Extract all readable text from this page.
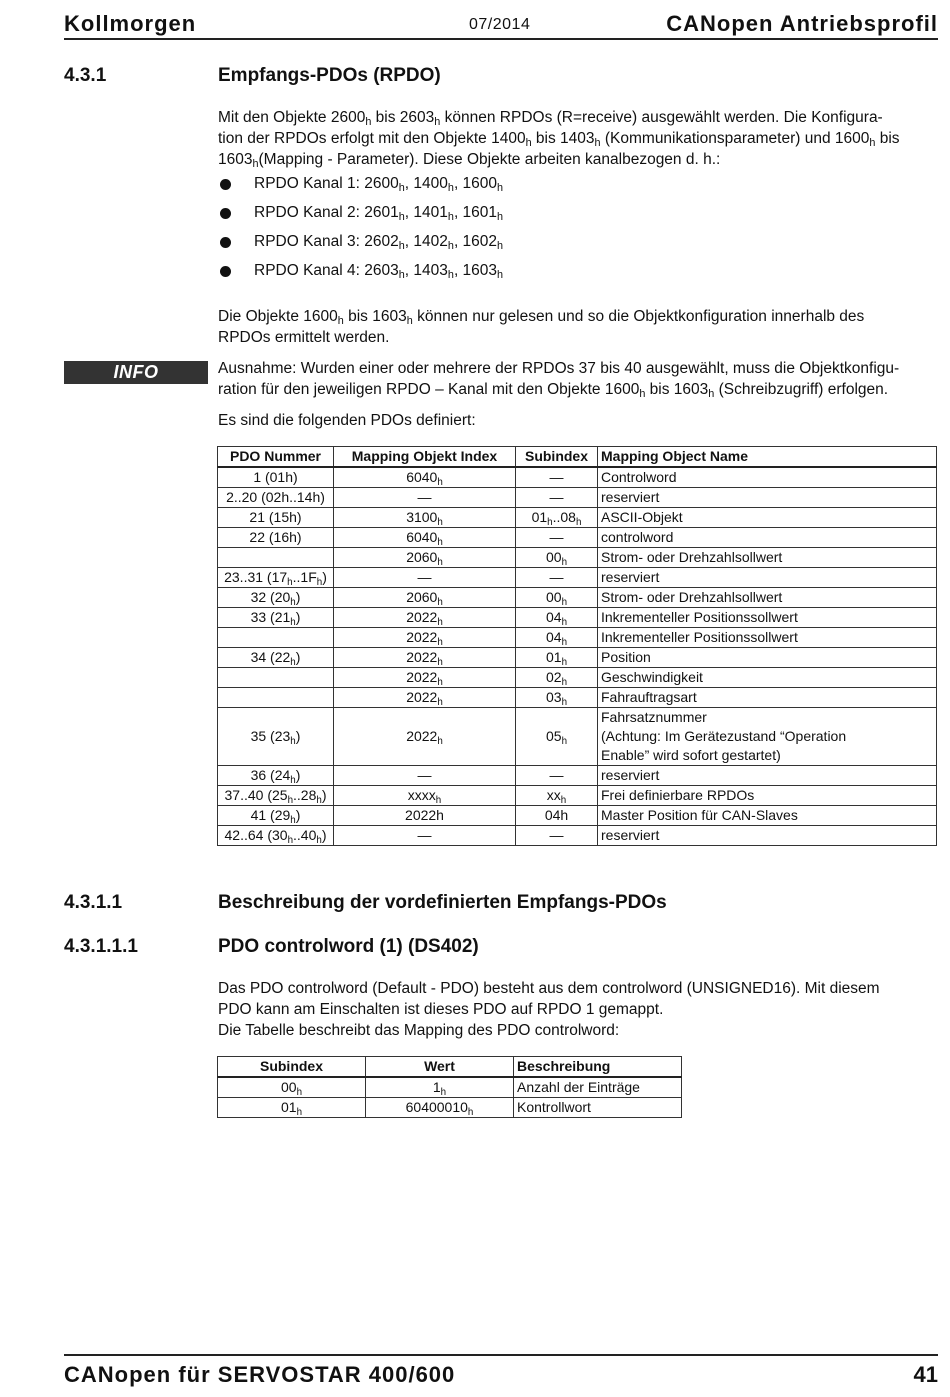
Kollmorgen	07/2014	CANopen Antriebsprofil
4.3.1	Empfangs-PDOs (RPDO)

Mit den Objekte $2600_h$ bis $2603_h$ können RPDOs (R=receive) ausgewählt werden. Die Konfigura-
tion der RPDOs erfolgt mit den Objekte $1400_h$ bis $1403_h$ (Kommunikationsparameter) und $1600_h$ bis
$1603_h(Mapping$ - Parameter). Diese Objekte arbeiten kanalbezogen d. h.:

RPDO Kanal 1: $2600_h$, $1400_h$, $1600_h$
RPDO Kanal 2: $2601_h$, $1401_h$, $1601_h$
RPDO Kanal 3: $2602_h$, $1402_h$, $1602_h$
RPDO Kanal 4: $2603_h$, $1403_h$, $1603_h$

Die Objekte $1600_h$ bis $1603_h$ können nur gelesen und so die Objektkonfiguration innerhalb des
RPDOs ermittelt werden.

INFO	Ausnahme: Wurden einer oder mehrere der RPDOs 37 bis 40 ausgewählt, muss die Objektkonfigu-
ration für den jeweiligen RPDO – Kanal mit den Objekte $1600_h$ bis $1603_h$ (Schreibzugriff) erfolgen.

Es sind die folgenden PDOs definiert:

PDO Nummer	Mapping Objekt Index	Subindex	Mapping Object Name
1 (01h)	$6040_h$	—	Controlword
2..20 (02h..14h)	—	—	reserviert
21 (15h)	$3100_h$	$01_h..08_h$	ASCII-Objekt
22 (16h)	$6040_h$	—	controlword
	$2060_h$	$00_h$	Strom- oder Drehzahlsollwert
23..31 $(17_h..1F_h)$	—	—	reserviert
32 $(20_h)$	$2060_h$	$00_h$	Strom- oder Drehzahlsollwert
33 $(21_h)$	$2022_h$	$04_h$	Inkrementeller Positionssollwert
	$2022_h$	$04_h$	Inkrementeller Positionssollwert
34 $(22_h)$	$2022_h$	$01_h$	Position
	$2022_h$	$02_h$	Geschwindigkeit
	$2022_h$	$03_h$	Fahrauftragsart
35 $(23_h)$	$2022_h$	$05_h$	Fahrsatznummer
(Achtung: Im Gerätezustand “Operation
Enable” wird sofort gestartet)
36 $(24_h)$	—	—	reserviert
37..40 $(25_h..28_h)$	xxxx$_h$	$xx_h$	Frei definierbare RPDOs
41 $(29_h)$	2022h	04h	Master Position für CAN-Slaves
42..64 $(30_h..40_h)$	—	—	reserviert
4.3.1.1	Beschreibung der vordefinierten Empfangs-PDOs
4.3.1.1.1	PDO controlword (1) (DS402)

Das PDO controlword (Default - PDO) besteht aus dem controlword (UNSIGNED16). Mit diesem
PDO kann am Einschalten ist dieses PDO auf RPDO 1 gemappt.
Die Tabelle beschreibt das Mapping des PDO controlword:

Subindex	Wert	Beschreibung
$00_h$	$1_h$	Anzahl der Einträge
$01_h$	$60400010_h$	Kontrollwort
CANopen für SERVOSTAR 400/600	41
